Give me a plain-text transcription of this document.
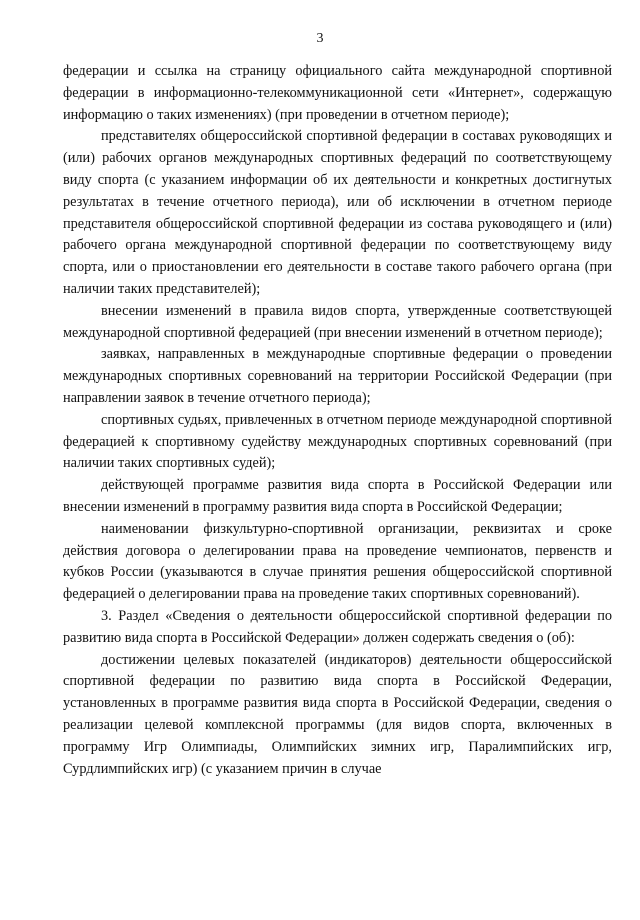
3

федерации и ссылка на страницу официального сайта международной спортивной федерации в информационно-телекоммуникационной сети «Интернет», содержащую информацию о таких изменениях) (при проведении в отчетном периоде);

представителях общероссийской спортивной федерации в составах руководящих и (или) рабочих органов международных спортивных федераций по соответствующему виду спорта (с указанием информации об их деятельности и конкретных достигнутых результатах в течение отчетного периода), или об исключении в отчетном периоде представителя общероссийской спортивной федерации из состава руководящего и (или) рабочего органа международной спортивной федерации по соответствующему виду спорта, или о приостановлении его деятельности в составе такого рабочего органа (при наличии таких представителей);

внесении изменений в правила видов спорта, утвержденные соответствующей международной спортивной федерацией (при внесении изменений в отчетном периоде);

заявках, направленных в международные спортивные федерации о проведении международных спортивных соревнований на территории Российской Федерации (при направлении заявок в течение отчетного периода);

спортивных судьях, привлеченных в отчетном периоде международной спортивной федерацией к спортивному судейству международных спортивных соревнований (при наличии таких спортивных судей);

действующей программе развития вида спорта в Российской Федерации или внесении изменений в программу развития вида спорта в Российской Федерации;

наименовании физкультурно-спортивной организации, реквизитах и сроке действия договора о делегировании права на проведение чемпионатов, первенств и кубков России (указываются в случае принятия решения общероссийской спортивной федерацией о делегировании права на проведение таких спортивных соревнований).

3. Раздел «Сведения о деятельности общероссийской спортивной федерации по развитию вида спорта в Российской Федерации» должен содержать сведения о (об):

достижении целевых показателей (индикаторов) деятельности общероссийской спортивной федерации по развитию вида спорта в Российской Федерации, установленных в программе развития вида спорта в Российской Федерации, сведения о реализации целевой комплексной программы (для видов спорта, включенных в программу Игр Олимпиады, Олимпийских зимних игр, Паралимпийских игр, Сурдлимпийских игр) (с указанием причин в случае
